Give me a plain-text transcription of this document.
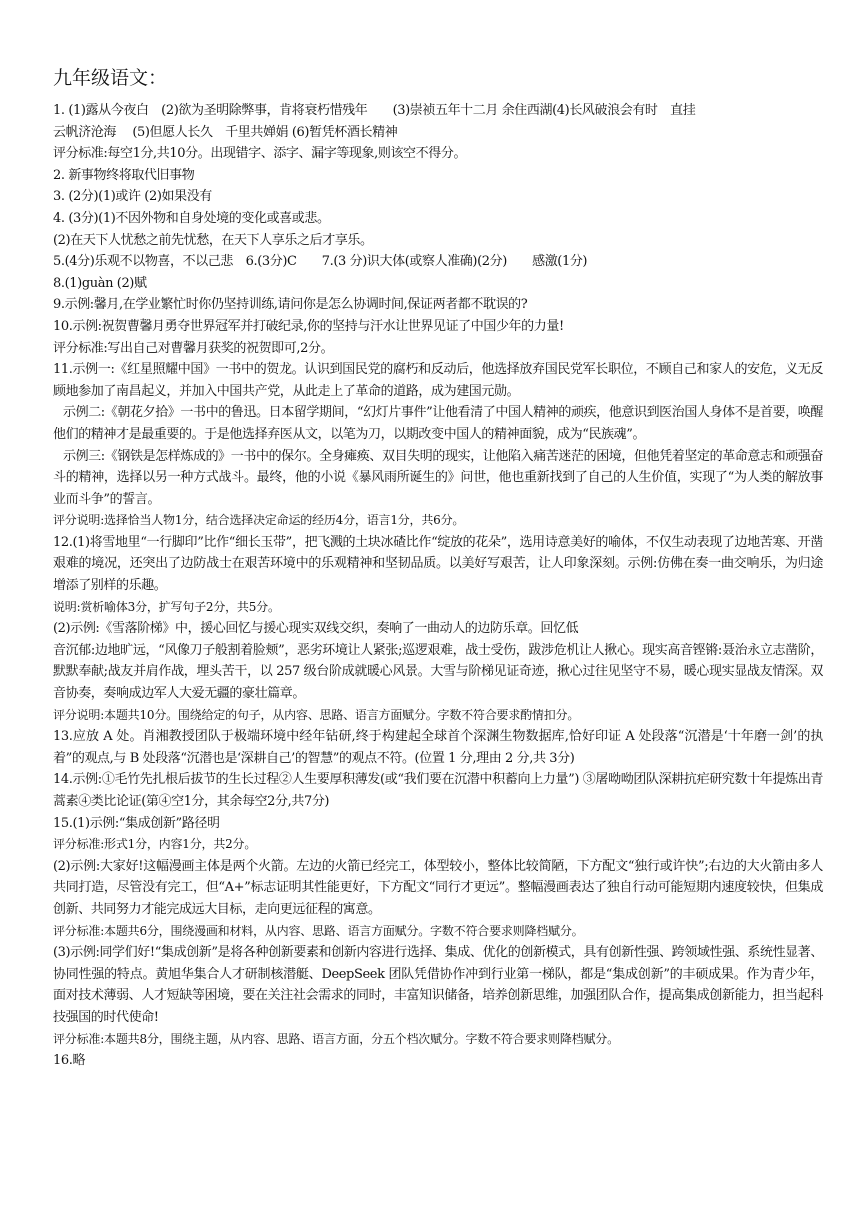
九年级语文：
1. (1)露从今夜白　(2)欲为圣明除弊事，肯将衰朽惜残年　　(3)崇祯五年十二月 余住西湖(4)长风破浪会有时　直挂
云帆济沧海　 (5)但愿人长久　千里共婵娟 (6)暂凭杯酒长精神
评分标准:每空1分,共10分。出现错字、添字、漏字等现象,则该空不得分。
2. 新事物终将取代旧事物
3. (2分)(1)或许 (2)如果没有
4. (3分)(1)不因外物和自身处境的变化或喜或悲。
(2)在天下人忧愁之前先忧愁，在天下人享乐之后才享乐。
5.(4分)乐观不以物喜，不以己悲　6.(3分)C　　7.(3 分)识大体(或察人准确)(2分)　　感激(1分)
8.(1)guàn (2)赋
9.示例:馨月,在学业繁忙时你仍坚持训练,请问你是怎么协调时间,保证两者都不耽误的?
10.示例:祝贺曹馨月勇夺世界冠军并打破纪录,你的坚持与汗水让世界见证了中国少年的力量!
评分标准:写出自己对曹馨月获奖的祝贺即可,2分。
11.示例一:《红星照耀中国》一书中的贺龙。认识到国民党的腐朽和反动后，他选择放弃国民党军长职位，不顾自己和家人的安危，义无反顾地参加了南昌起义，并加入中国共产党，从此走上了革命的道路，成为建国元勋。
示例二:《朝花夕拾》一书中的鲁迅。日本留学期间，“幻灯片事件”让他看清了中国人精神的顽疾，他意识到医治国人身体不是首要，唤醒他们的精神才是最重要的。于是他选择弃医从文，以笔为刀，以期改变中国人的精神面貌，成为“民族魂”。
示例三:《钢铁是怎样炼成的》一书中的保尔。全身瘫痪、双目失明的现实，让他陷入痛苦迷茫的困境，但他凭着坚定的革命意志和顽强奋斗的精神，选择以另一种方式战斗。最终，他的小说《暴风雨所诞生的》问世，他也重新找到了自己的人生价值，实现了“为人类的解放事业而斗争”的誓言。
评分说明:选择恰当人物1分，结合选择决定命运的经历4分，语言1分，共6分。
12.(1)将雪地里“一行脚印”比作“细长玉带”，把飞溅的土块冰碴比作“绽放的花朵”，选用诗意美好的喻体，不仅生动表现了边地苦寒、开凿艰难的境况，还突出了边防战士在艰苦环境中的乐观精神和坚韧品质。以美好写艰苦，让人印象深刻。示例:仿佛在奏一曲交响乐，为归途增添了别样的乐趣。
说明:赏析喻体3分，扩写句子2分，共5分。
(2)示例:《雪落阶梯》中，援心回忆与援心现实双线交织，奏响了一曲动人的边防乐章。回忆低
音沉郁:边地旷远，“风像刀子般割着脸颊”，恶劣环境让人紧张;巡逻艰难，战士受伤，跋涉危机让人揪心。现实高音铿锵:聂治永立志凿阶，默默奉献;战友并肩作战，埋头苦干，以 257 级台阶成就暖心风景。大雪与阶梯见证奇迹，揪心过往见坚守不易，暖心现实显战友情深。双音协奏，奏响成边军人大爱无疆的豪壮篇章。
评分说明:本题共10分。围绕给定的句子，从内容、思路、语言方面赋分。字数不符合要求酌情扣分。
13.应放 A 处。肖湘教授团队于极端环境中经年钻研,终于构建起全球首个深渊生物数据库,恰好印证 A 处段落“沉潜是‘十年磨一剑’的执着”的观点,与 B 处段落“沉潜也是‘深耕自己’的智慧”的观点不符。(位置 1 分,理由 2 分,共 3分)
14.示例:①毛竹先扎根后拔节的生长过程②人生要厚积薄发(或“我们要在沉潜中积蓄向上力量”) ③屠呦呦团队深耕抗疟研究数十年提炼出青蒿素④类比论证(第④空1分，其余每空2分,共7分)
15.(1)示例:“集成创新”路径明
评分标准:形式1分，内容1分，共2分。
(2)示例:大家好!这幅漫画主体是两个火箭。左边的火箭已经完工，体型较小，整体比较简陋，下方配文“独行或许快”;右边的大火箭由多人共同打造，尽管没有完工，但“A+”标志证明其性能更好，下方配文“同行才更远”。整幅漫画表达了独自行动可能短期内速度较快，但集成创新、共同努力才能完成远大目标，走向更远征程的寓意。
评分标准:本题共6分，围绕漫画和材料，从内容、思路、语言方面赋分。字数不符合要求则降档赋分。
(3)示例:同学们好!“集成创新”是将各种创新要素和创新内容进行选择、集成、优化的创新模式，具有创新性强、跨领域性强、系统性显著、协同性强的特点。黄旭华集合人才研制核潜艇、DeepSeek 团队凭借协作冲到行业第一梯队，都是“集成创新”的丰硕成果。作为青少年，面对技术薄弱、人才短缺等困境，要在关注社会需求的同时，丰富知识储备，培养创新思维，加强团队合作，提高集成创新能力，担当起科技强国的时代使命!
评分标准:本题共8分，围绕主题，从内容、思路、语言方面，分五个档次赋分。字数不符合要求则降档赋分。
16.略
